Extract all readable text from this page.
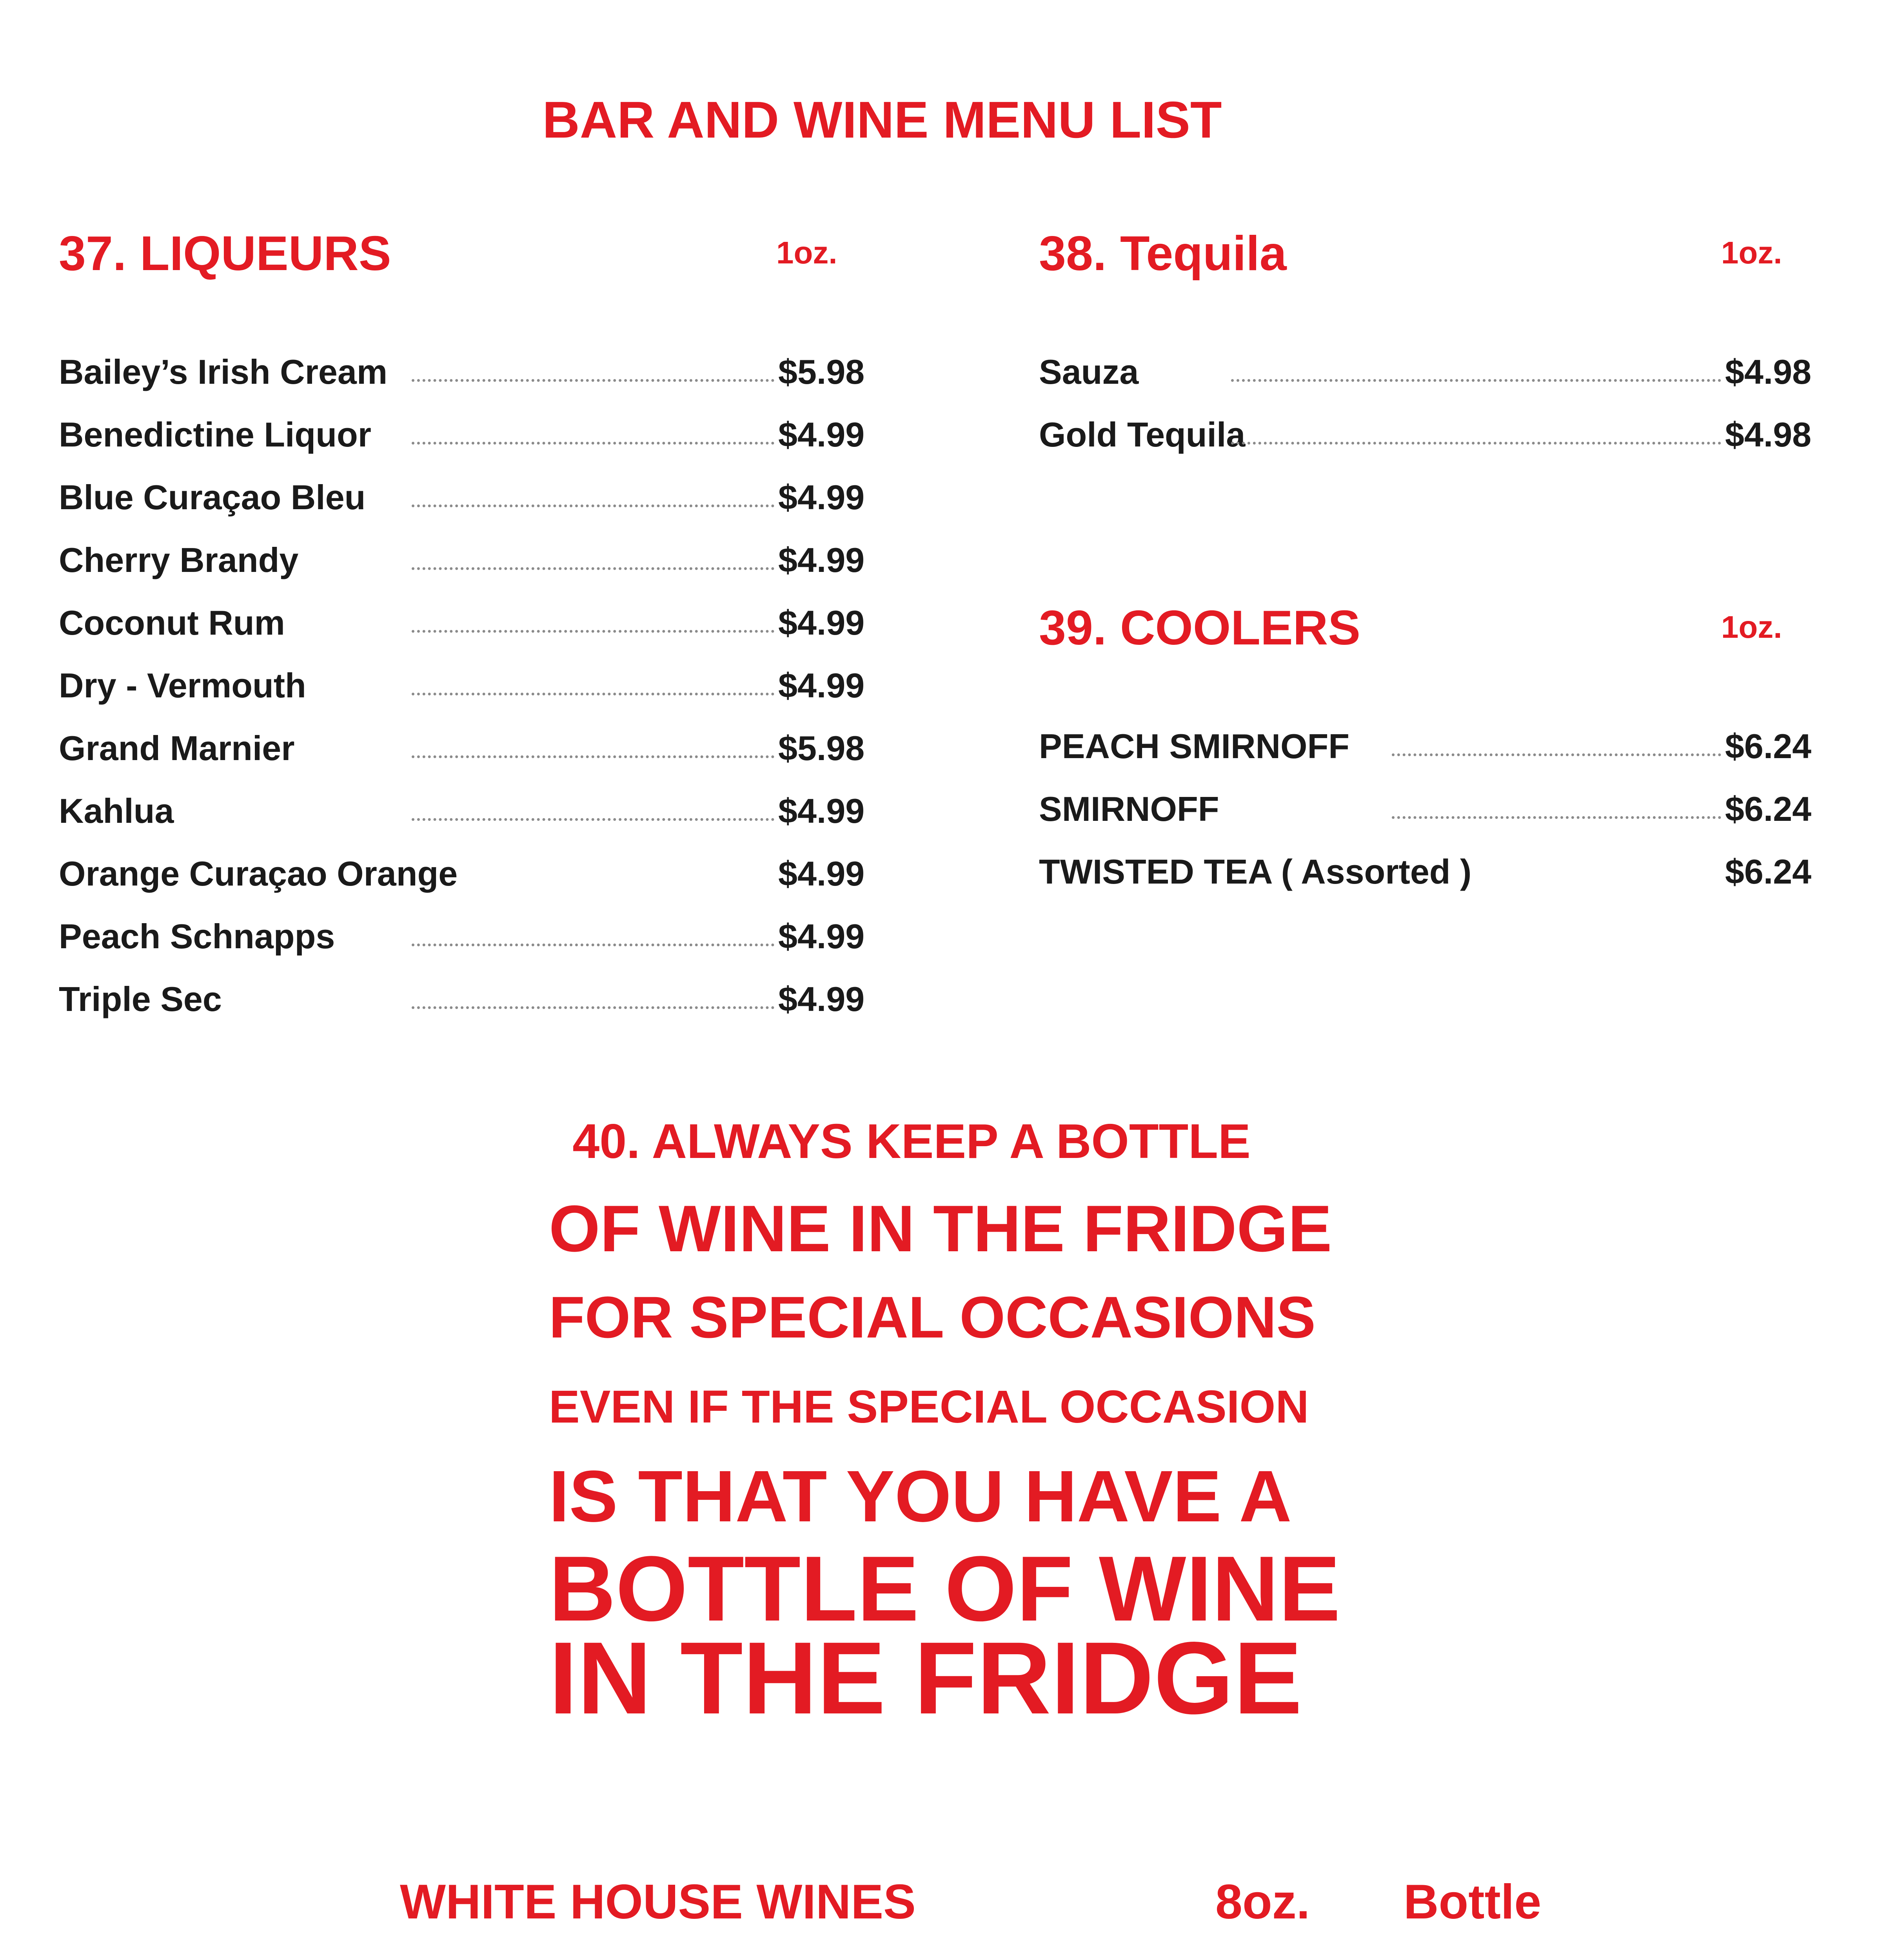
BAR AND WINE MENU LIST
37. LIQUEURS	1oz.
Bailey’s Irish Cream	$5.98
Benedictine Liquor	$4.99
Blue Curaçao Bleu	$4.99
Cherry Brandy	$4.99
Coconut Rum	$4.99
Dry - Vermouth	$4.99
Grand Marnier	$5.98
Kahlua	$4.99
Orange Curaçao Orange	$4.99
Peach Schnapps	$4.99
Triple Sec	$4.99
38. Tequila	1oz.
Sauza	$4.98
Gold Tequila	$4.98
39. COOLERS	1oz.
PEACH SMIRNOFF	$6.24
SMIRNOFF	$6.24
TWISTED TEA ( Assorted )	$6.24
40. ALWAYS KEEP A BOTTLE
OF WINE IN THE FRIDGE
FOR SPECIAL OCCASIONS
EVEN IF THE SPECIAL OCCASION
IS THAT YOU HAVE A
BOTTLE OF WINE
IN THE FRIDGE
WHITE HOUSE WINES	8oz. Bottle
